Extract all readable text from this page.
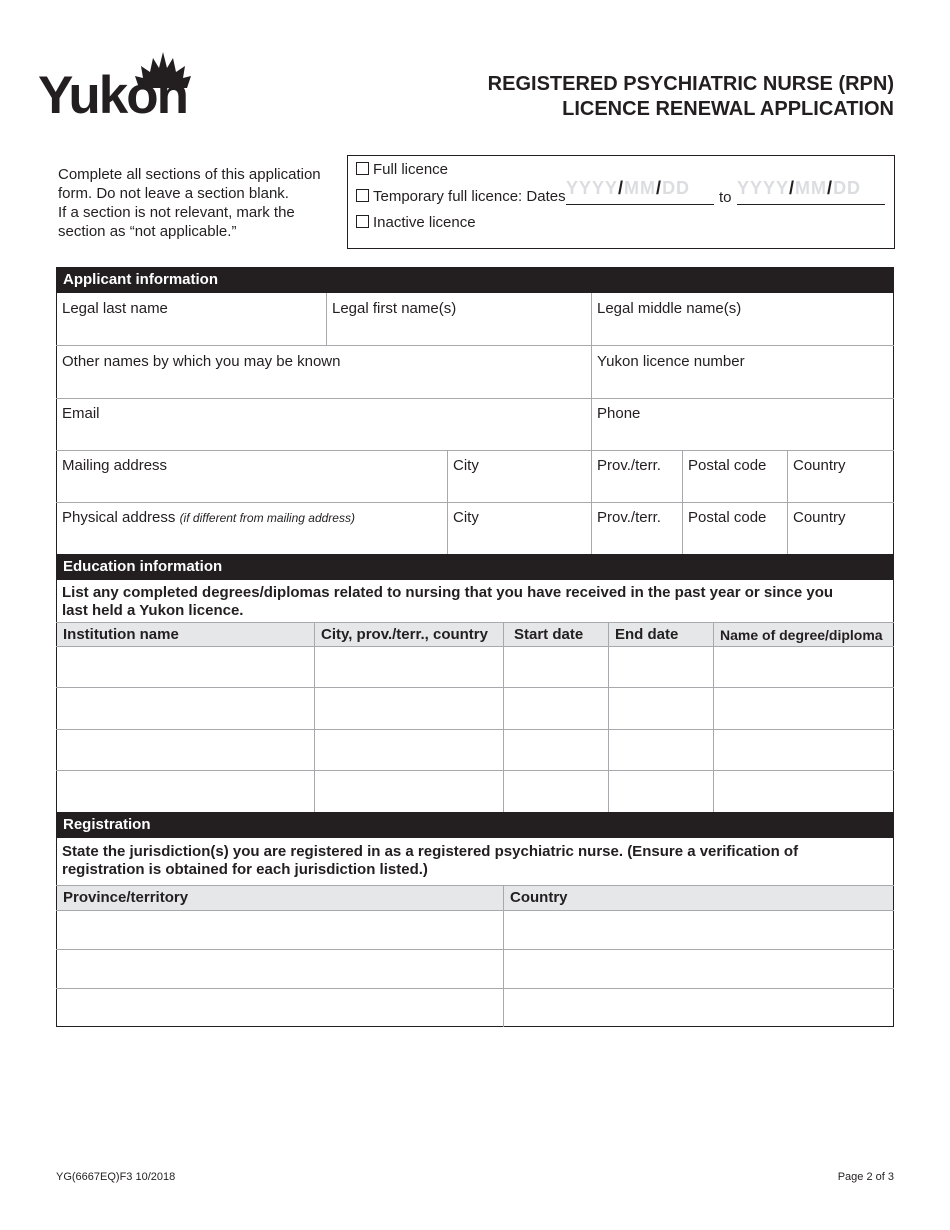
Yukon	REGISTERED PSYCHIATRIC NURSE (RPN)
LICENCE RENEWAL APPLICATION
Complete all sections of this application
form. Do not leave a section blank.
If a section is not relevant, mark the
section as “not applicable.”
Full licence
Temporary full licence: Dates
Inactive licence
YYYY/MM/DD	to YYYY/MM/DD
Applicant information
Legal last name	Legal first name(s)	Legal middle name(s)
Other names by which you may be known	Yukon licence number
Email	Phone
Mailing address	City	Prov./terr.	Postal code	Country
Physical address (if different from mailing address)	City	Prov./terr.	Postal code	Country
Education information
List any completed degrees/diplomas related to nursing that you have received in the past year or since you
last held a Yukon licence.
Institution name	City, prov./terr., country	Start date	End date	Name of degree/diploma
Registration
State the jurisdiction(s) you are registered in as a registered psychiatric nurse. (Ensure a verification of
registration is obtained for each jurisdiction listed.)
Province/territory	Country
YG(6667EQ)F3 10/2018	Page 2 of 3
